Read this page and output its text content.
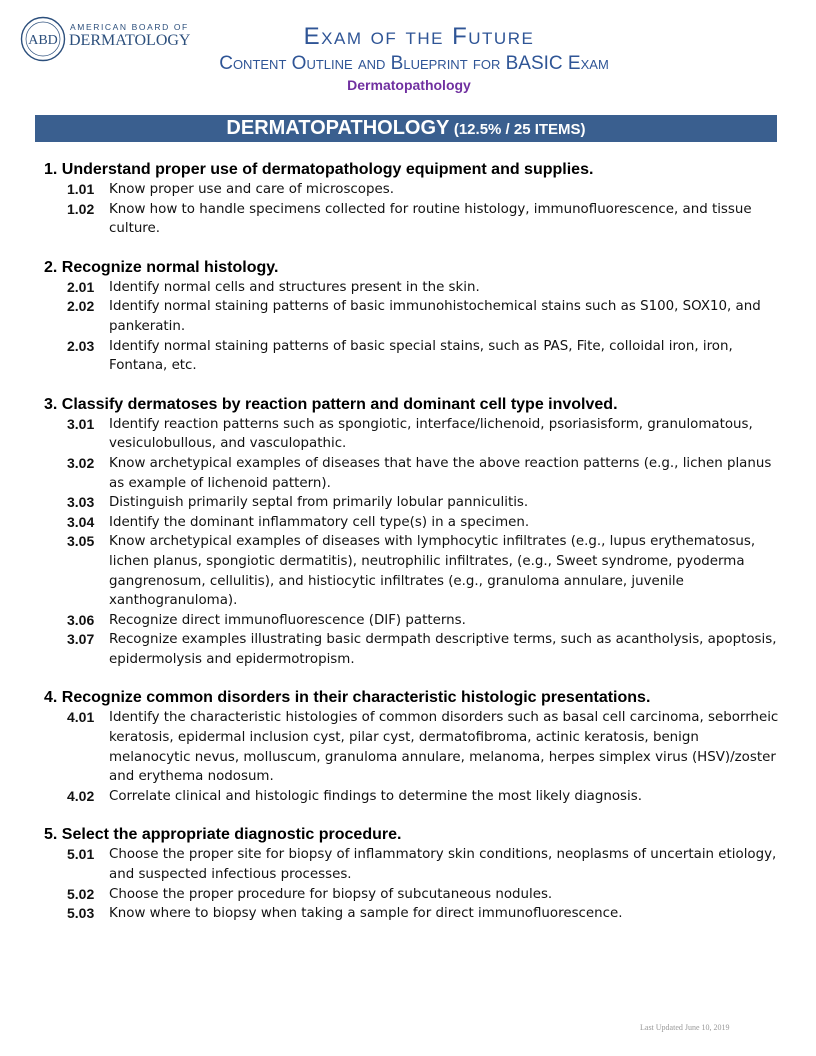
ABD
AMERICAN BOARD OF
DERMATOLOGY	Exam of the Future
Content Outline and Blueprint for BASIC Exam
Dermatopathology
DERMATOPATHOLOGY (12.5% / 25 ITEMS)
1. Understand proper use of dermatopathology equipment and supplies.
1.01 Know proper use and care of microscopes.
1.02 Know how to handle specimens collected for routine histology, immunofluorescence, and tissue culture.
2. Recognize normal histology.
2.01 Identify normal cells and structures present in the skin.
2.02 Identify normal staining patterns of basic immunohistochemical stains such as S100, SOX10, and pankeratin.
2.03 Identify normal staining patterns of basic special stains, such as PAS, Fite, colloidal iron, iron, Fontana, etc.
3. Classify dermatoses by reaction pattern and dominant cell type involved.
3.01 Identify reaction patterns such as spongiotic, interface/lichenoid, psoriasisform, granulomatous, vesiculobullous, and vasculopathic.
3.02 Know archetypical examples of diseases that have the above reaction patterns (e.g., lichen planus as example of lichenoid pattern).
3.03 Distinguish primarily septal from primarily lobular panniculitis.
3.04 Identify the dominant inflammatory cell type(s) in a specimen.
3.05 Know archetypical examples of diseases with lymphocytic infiltrates (e.g., lupus erythematosus, lichen planus, spongiotic dermatitis), neutrophilic infiltrates, (e.g., Sweet syndrome, pyoderma gangrenosum, cellulitis), and histiocytic infiltrates (e.g., granuloma annulare, juvenile xanthogranuloma).
3.06 Recognize direct immunofluorescence (DIF) patterns.
3.07 Recognize examples illustrating basic dermpath descriptive terms, such as acantholysis, apoptosis, epidermolysis and epidermotropism.
4. Recognize common disorders in their characteristic histologic presentations.
4.01 Identify the characteristic histologies of common disorders such as basal cell carcinoma, seborrheic keratosis, epidermal inclusion cyst, pilar cyst, dermatofibroma, actinic keratosis, benign melanocytic nevus, molluscum, granuloma annulare, melanoma, herpes simplex virus (HSV)/zoster and erythema nodosum.
4.02 Correlate clinical and histologic findings to determine the most likely diagnosis.
5. Select the appropriate diagnostic procedure.
5.01 Choose the proper site for biopsy of inflammatory skin conditions, neoplasms of uncertain etiology, and suspected infectious processes.
5.02 Choose the proper procedure for biopsy of subcutaneous nodules.
5.03 Know where to biopsy when taking a sample for direct immunofluorescence.
Last Updated June 10, 2019
